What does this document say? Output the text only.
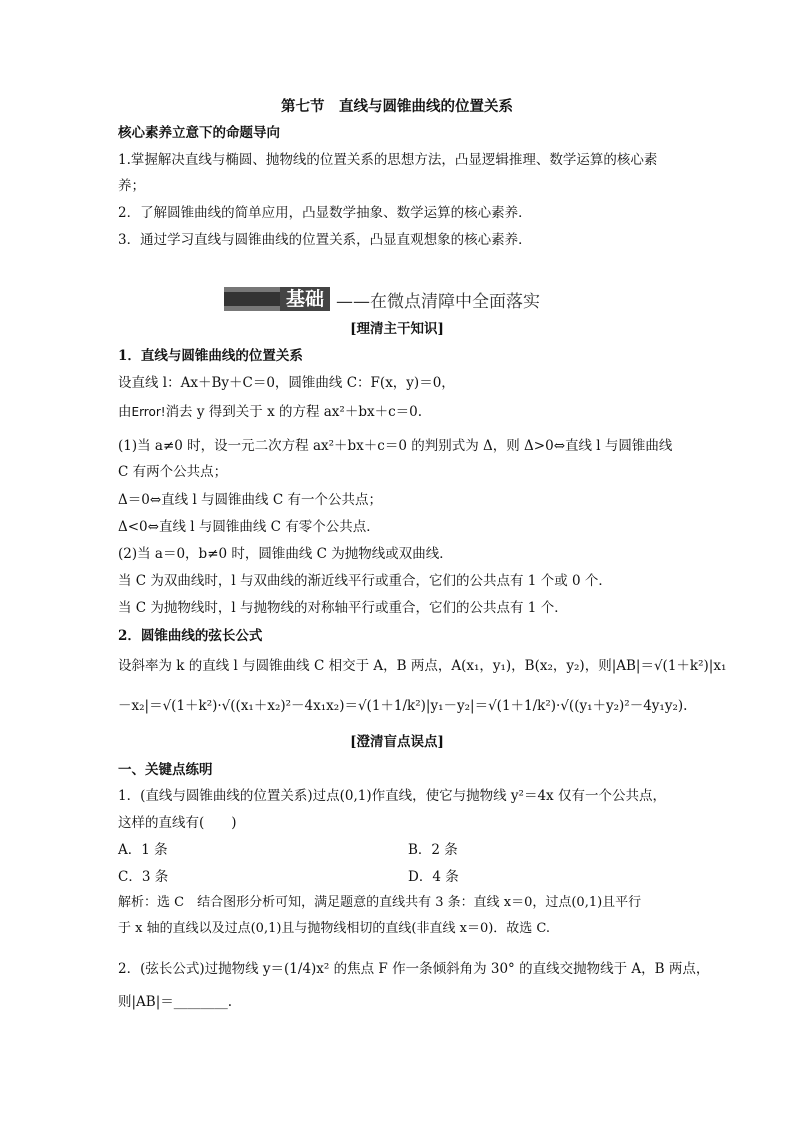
第七节　直线与圆锥曲线的位置关系
核心素养立意下的命题导向
1.掌握解决直线与椭圆、抛物线的位置关系的思想方法，凸显逻辑推理、数学运算的核心素
养；
2．了解圆锥曲线的简单应用，凸显数学抽象、数学运算的核心素养．
3．通过学习直线与圆锥曲线的位置关系，凸显直观想象的核心素养．
基础 ——在微点清障中全面落实
[理清主干知识]
1．直线与圆锥曲线的位置关系
设直线 l：Ax＋By＋C＝0，圆锥曲线 C：F(x，y)＝0，
由Error!消去 y 得到关于 x 的方程 ax²＋bx＋c＝0.
(1)当 a≠0 时，设一元二次方程 ax²＋bx＋c＝0 的判别式为 Δ，则 Δ>0⇔直线 l 与圆锥曲线
C 有两个公共点；
Δ＝0⇔直线 l 与圆锥曲线 C 有一个公共点；
Δ<0⇔直线 l 与圆锥曲线 C 有零个公共点．
(2)当 a＝0，b≠0 时，圆锥曲线 C 为抛物线或双曲线．
当 C 为双曲线时，l 与双曲线的渐近线平行或重合，它们的公共点有 1 个或 0 个．
当 C 为抛物线时，l 与抛物线的对称轴平行或重合，它们的公共点有 1 个．
2．圆锥曲线的弦长公式
设斜率为 k 的直线 l 与圆锥曲线 C 相交于 A，B 两点，A(x₁，y₁)，B(x₂，y₂)，则|AB|＝√(1＋k²)|x₁
－x₂|＝√(1＋k²)·√((x₁＋x₂)²－4x₁x₂)＝√(1＋1/k²)|y₁－y₂|＝√(1＋1/k²)·√((y₁＋y₂)²－4y₁y₂).
[澄清盲点误点]
一、关键点练明
1．(直线与圆锥曲线的位置关系)过点(0,1)作直线，使它与抛物线 y²＝4x 仅有一个公共点，
这样的直线有(　　)
A．1 条	B．2 条
C．3 条	D．4 条
解析：选 C　结合图形分析可知，满足题意的直线共有 3 条：直线 x＝0，过点(0,1)且平行
于 x 轴的直线以及过点(0,1)且与抛物线相切的直线(非直线 x＝0)．故选 C.
2．(弦长公式)过抛物线 y＝(1/4)x² 的焦点 F 作一条倾斜角为 30° 的直线交抛物线于 A，B 两点，
则|AB|＝________.
